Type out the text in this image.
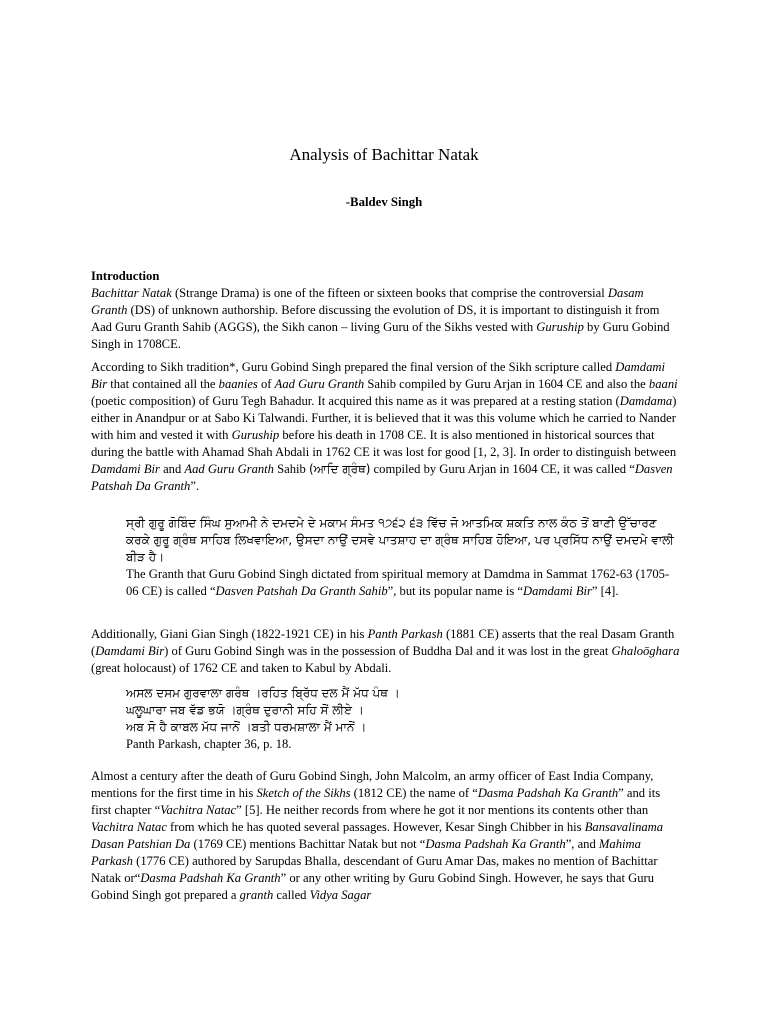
Analysis of Bachittar Natak
-Baldev Singh
Introduction

Bachittar Natak (Strange Drama) is one of the fifteen or sixteen books that comprise the controversial Dasam Granth (DS) of unknown authorship. Before discussing the evolution of DS, it is important to distinguish it from Aad Guru Granth Sahib (AGGS), the Sikh canon – living Guru of the Sikhs vested with Guruship by Guru Gobind Singh in 1708CE.

According to Sikh tradition*, Guru Gobind Singh prepared the final version of the Sikh scripture called Damdami Bir that contained all the baanies of Aad Guru Granth Sahib compiled by Guru Arjan in 1604 CE and also the baani (poetic composition) of Guru Tegh Bahadur. It acquired this name as it was prepared at a resting station (Damdama) either in Anandpur or at Sabo Ki Talwandi. Further, it is believed that it was this volume which he carried to Nander with him and vested it with Guruship before his death in 1708 CE. It is also mentioned in historical sources that during the battle with Ahamad Shah Abdali in 1762 CE it was lost for good [1, 2, 3]. In order to distinguish between Damdami Bir and Aad Guru Granth Sahib (ਆਦਿ ਗ੍ਰੰਥ) compiled by Guru Arjan in 1604 CE, it was called “Dasven Patshah Da Granth”.

ਸ੍ਰੀ ਗੁਰੂ ਗੋਬਿੰਦ ਸਿੰਘ ਸੁਆਮੀ ਨੇ ਦਮਦਮੇ ਦੇ ਮਕਾਮ ਸੰਮਤ ੧੭੬੨ ੬੩ ਵਿੱਚ ਜੋ ਆਤਮਿਕ ਸ਼ਕਤਿ ਨਾਲ ਕੰਠ ਤੋਂ ਬਾਣੀ ਉੱਚਾਰਣ ਕਰਕੇ ਗੁਰੂ ਗ੍ਰੰਥ ਸਾਹਿਬ ਲਿਖਵਾਇਆ, ਉਸਦਾ ਨਾਉਂ ਦਸਵੇ ਪਾਤਸ਼ਾਹ ਦਾ ਗ੍ਰੰਥ ਸਾਹਿਬ ਹੋਇਆ, ਪਰ ਪ੍ਰਸਿੱਧ ਨਾਉਂ ਦਮਦਮੇ ਵਾਲੀ ਬੀੜ ਹੈ।

The Granth that Guru Gobind Singh dictated from spiritual memory at Damdma in Sammat 1762-63 (1705-06 CE) is called “Dasven Patshah Da Granth Sahib”, but its popular name is “Damdami Bir” [4].

Additionally, Giani Gian Singh (1822-1921 CE) in his Panth Parkash (1881 CE) asserts that the real Dasam Granth (Damdami Bir) of Guru Gobind Singh was in the possession of Buddha Dal and it was lost in the great Ghaloōghara (great holocaust) of 1762 CE and taken to Kabul by Abdali.

ਅਸਲ ਦਸਮ ਗੁਰਵਾਲਾ ਗਰੰਥ ।ਰਹਿਤ ਬ੍ਰਿੱਧ ਦਲ ਮੈਂ ਮੱਧ ਪੰਥ ।
ਘਲੂਘਾਰਾ ਜਬ ਵੱਡ ਭਯੋ ।ਗ੍ਰੰਥ ਦੁਰਾਨੀ ਸਹਿ ਸੋਂ ਲੀਏ ।
ਅਬ ਸੋ ਹੈ ਕਾਬਲ ਮੱਧ ਜਾਨੋਂ ।ਬਤੀ ਧਰਮਸ਼ਾਲਾ ਮੈਂ ਮਾਨੋਂ ।
Panth Parkash, chapter 36, p. 18.

Almost a century after the death of Guru Gobind Singh, John Malcolm, an army officer of East India Company, mentions for the first time in his Sketch of the Sikhs (1812 CE) the name of “Dasma Padshah Ka Granth” and its first chapter “Vachitra Natac” [5]. He neither records from where he got it nor mentions its contents other than Vachitra Natac from which he has quoted several passages. However, Kesar Singh Chibber in his Bansavalinama Dasan Patshian Da (1769 CE) mentions Bachittar Natak but not “Dasma Padshah Ka Granth”, and Mahima Parkash (1776 CE) authored by Sarupdas Bhalla, descendant of Guru Amar Das, makes no mention of Bachittar Natak or“Dasma Padshah Ka Granth” or any other writing by Guru Gobind Singh. However, he says that Guru Gobind Singh got prepared a granth called Vidya Sagar
